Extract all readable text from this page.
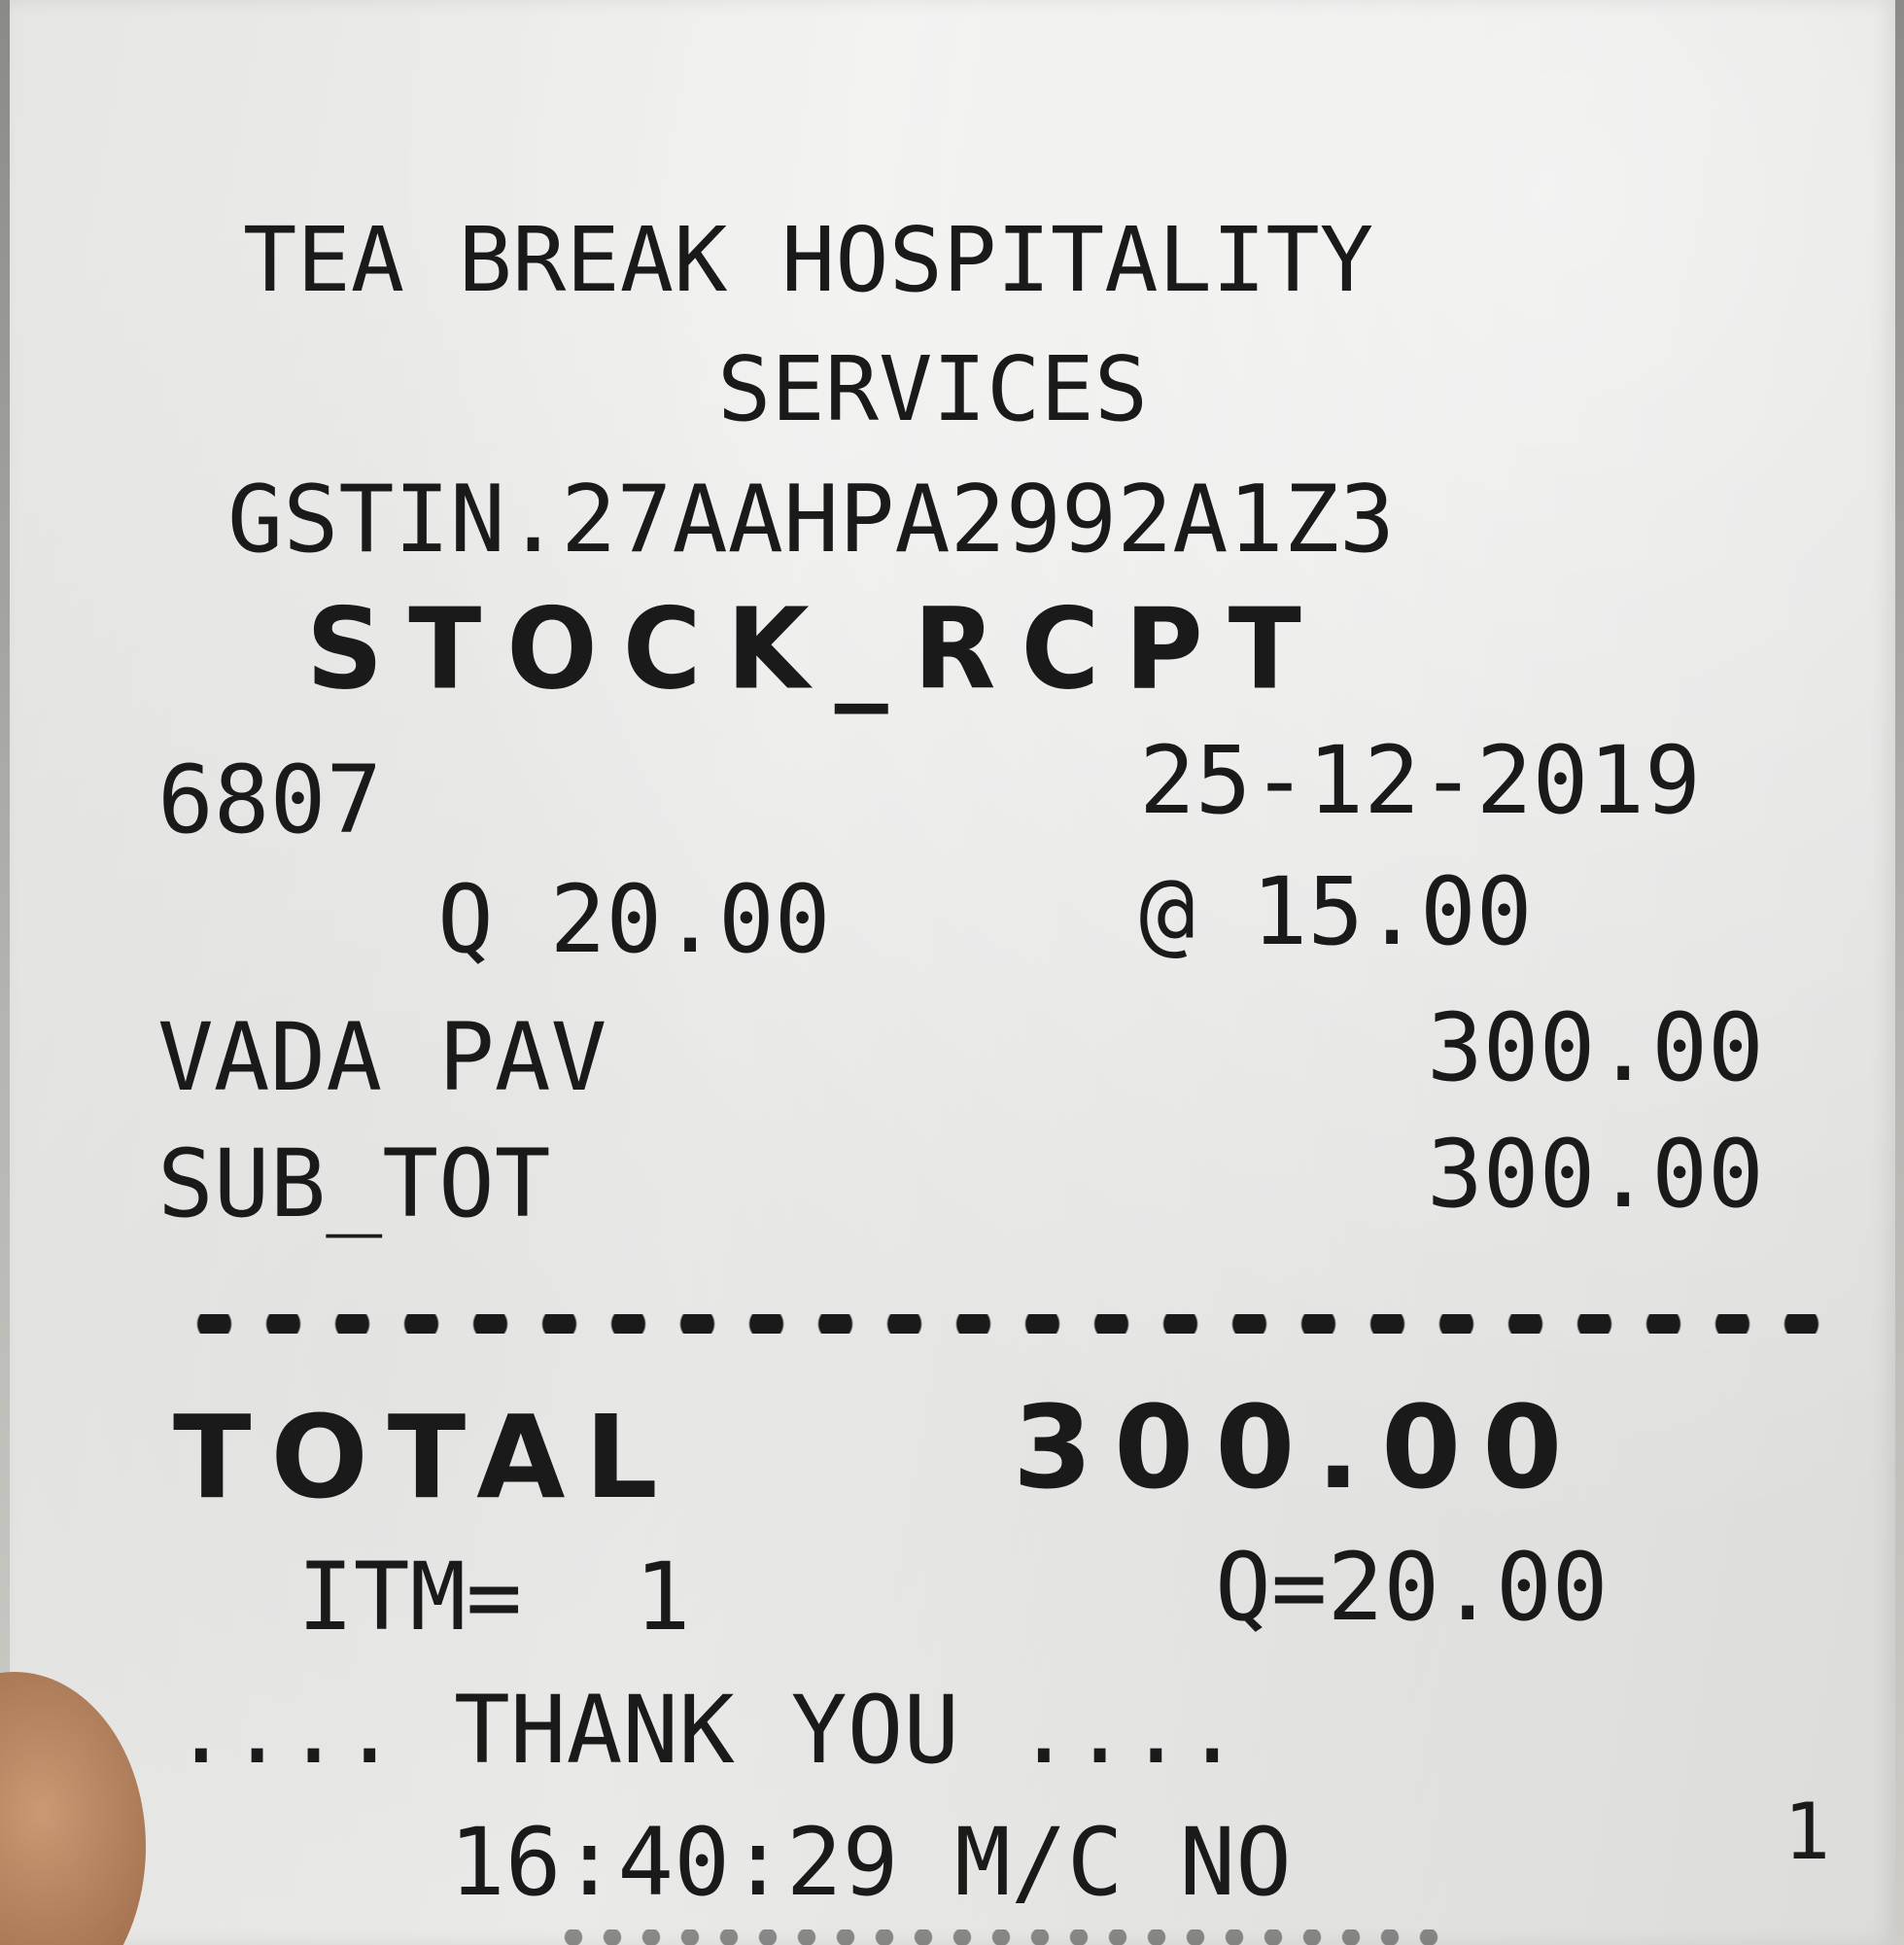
TEA BREAK HOSPITALITY
SERVICES
GSTIN.27AAHPA2992A1Z3
STOCK_RCPT
6807	25-12-2019
Q 20.00	@ 15.00
VADA PAV	300.00
SUB_TOT	300.00
TOTAL	300.00
ITM=  1	Q=20.00
.... THANK YOU ....
16:40:29 M/C NO	1
